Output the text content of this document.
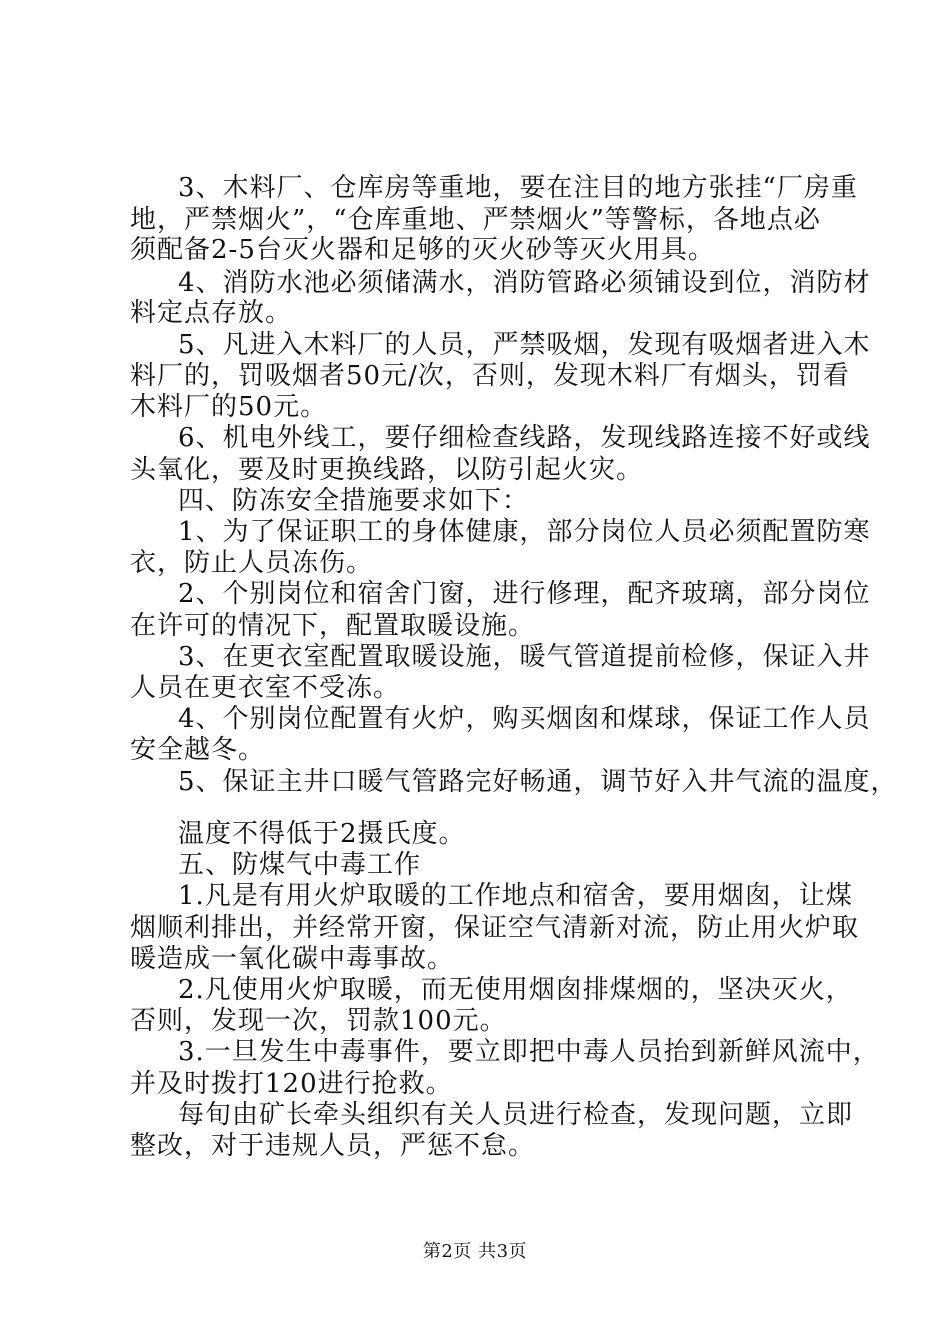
3、木料厂、仓库房等重地，要在注目的地方张挂“厂房重
地，严禁烟火”，“仓库重地、严禁烟火”等警标，各地点必
须配备2-5台灭火器和足够的灭火砂等灭火用具。
4、消防水池必须储满水，消防管路必须铺设到位，消防材
料定点存放。
5、凡进入木料厂的人员，严禁吸烟，发现有吸烟者进入木
料厂的，罚吸烟者50元/次，否则，发现木料厂有烟头，罚看
木料厂的50元。
6、机电外线工，要仔细检查线路，发现线路连接不好或线
头氧化，要及时更换线路，以防引起火灾。
四、防冻安全措施要求如下：
1、为了保证职工的身体健康，部分岗位人员必须配置防寒
衣，防止人员冻伤。
2、个别岗位和宿舍门窗，进行修理，配齐玻璃，部分岗位
在许可的情况下，配置取暖设施。
3、在更衣室配置取暖设施，暖气管道提前检修，保证入井
人员在更衣室不受冻。
4、个别岗位配置有火炉，购买烟囱和煤球，保证工作人员
安全越冬。
5、保证主井口暖气管路完好畅通，调节好入井气流的温度，
温度不得低于2摄氏度。
五、防煤气中毒工作
1.凡是有用火炉取暖的工作地点和宿舍，要用烟囱，让煤
烟顺利排出，并经常开窗，保证空气清新对流，防止用火炉取
暖造成一氧化碳中毒事故。
2.凡使用火炉取暖，而无使用烟囱排煤烟的，坚决灭火，
否则，发现一次，罚款100元。
3.一旦发生中毒事件，要立即把中毒人员抬到新鲜风流中，
并及时拨打120进行抢救。
每旬由矿长牵头组织有关人员进行检查，发现问题，立即
整改，对于违规人员，严惩不怠。
第2页 共3页
